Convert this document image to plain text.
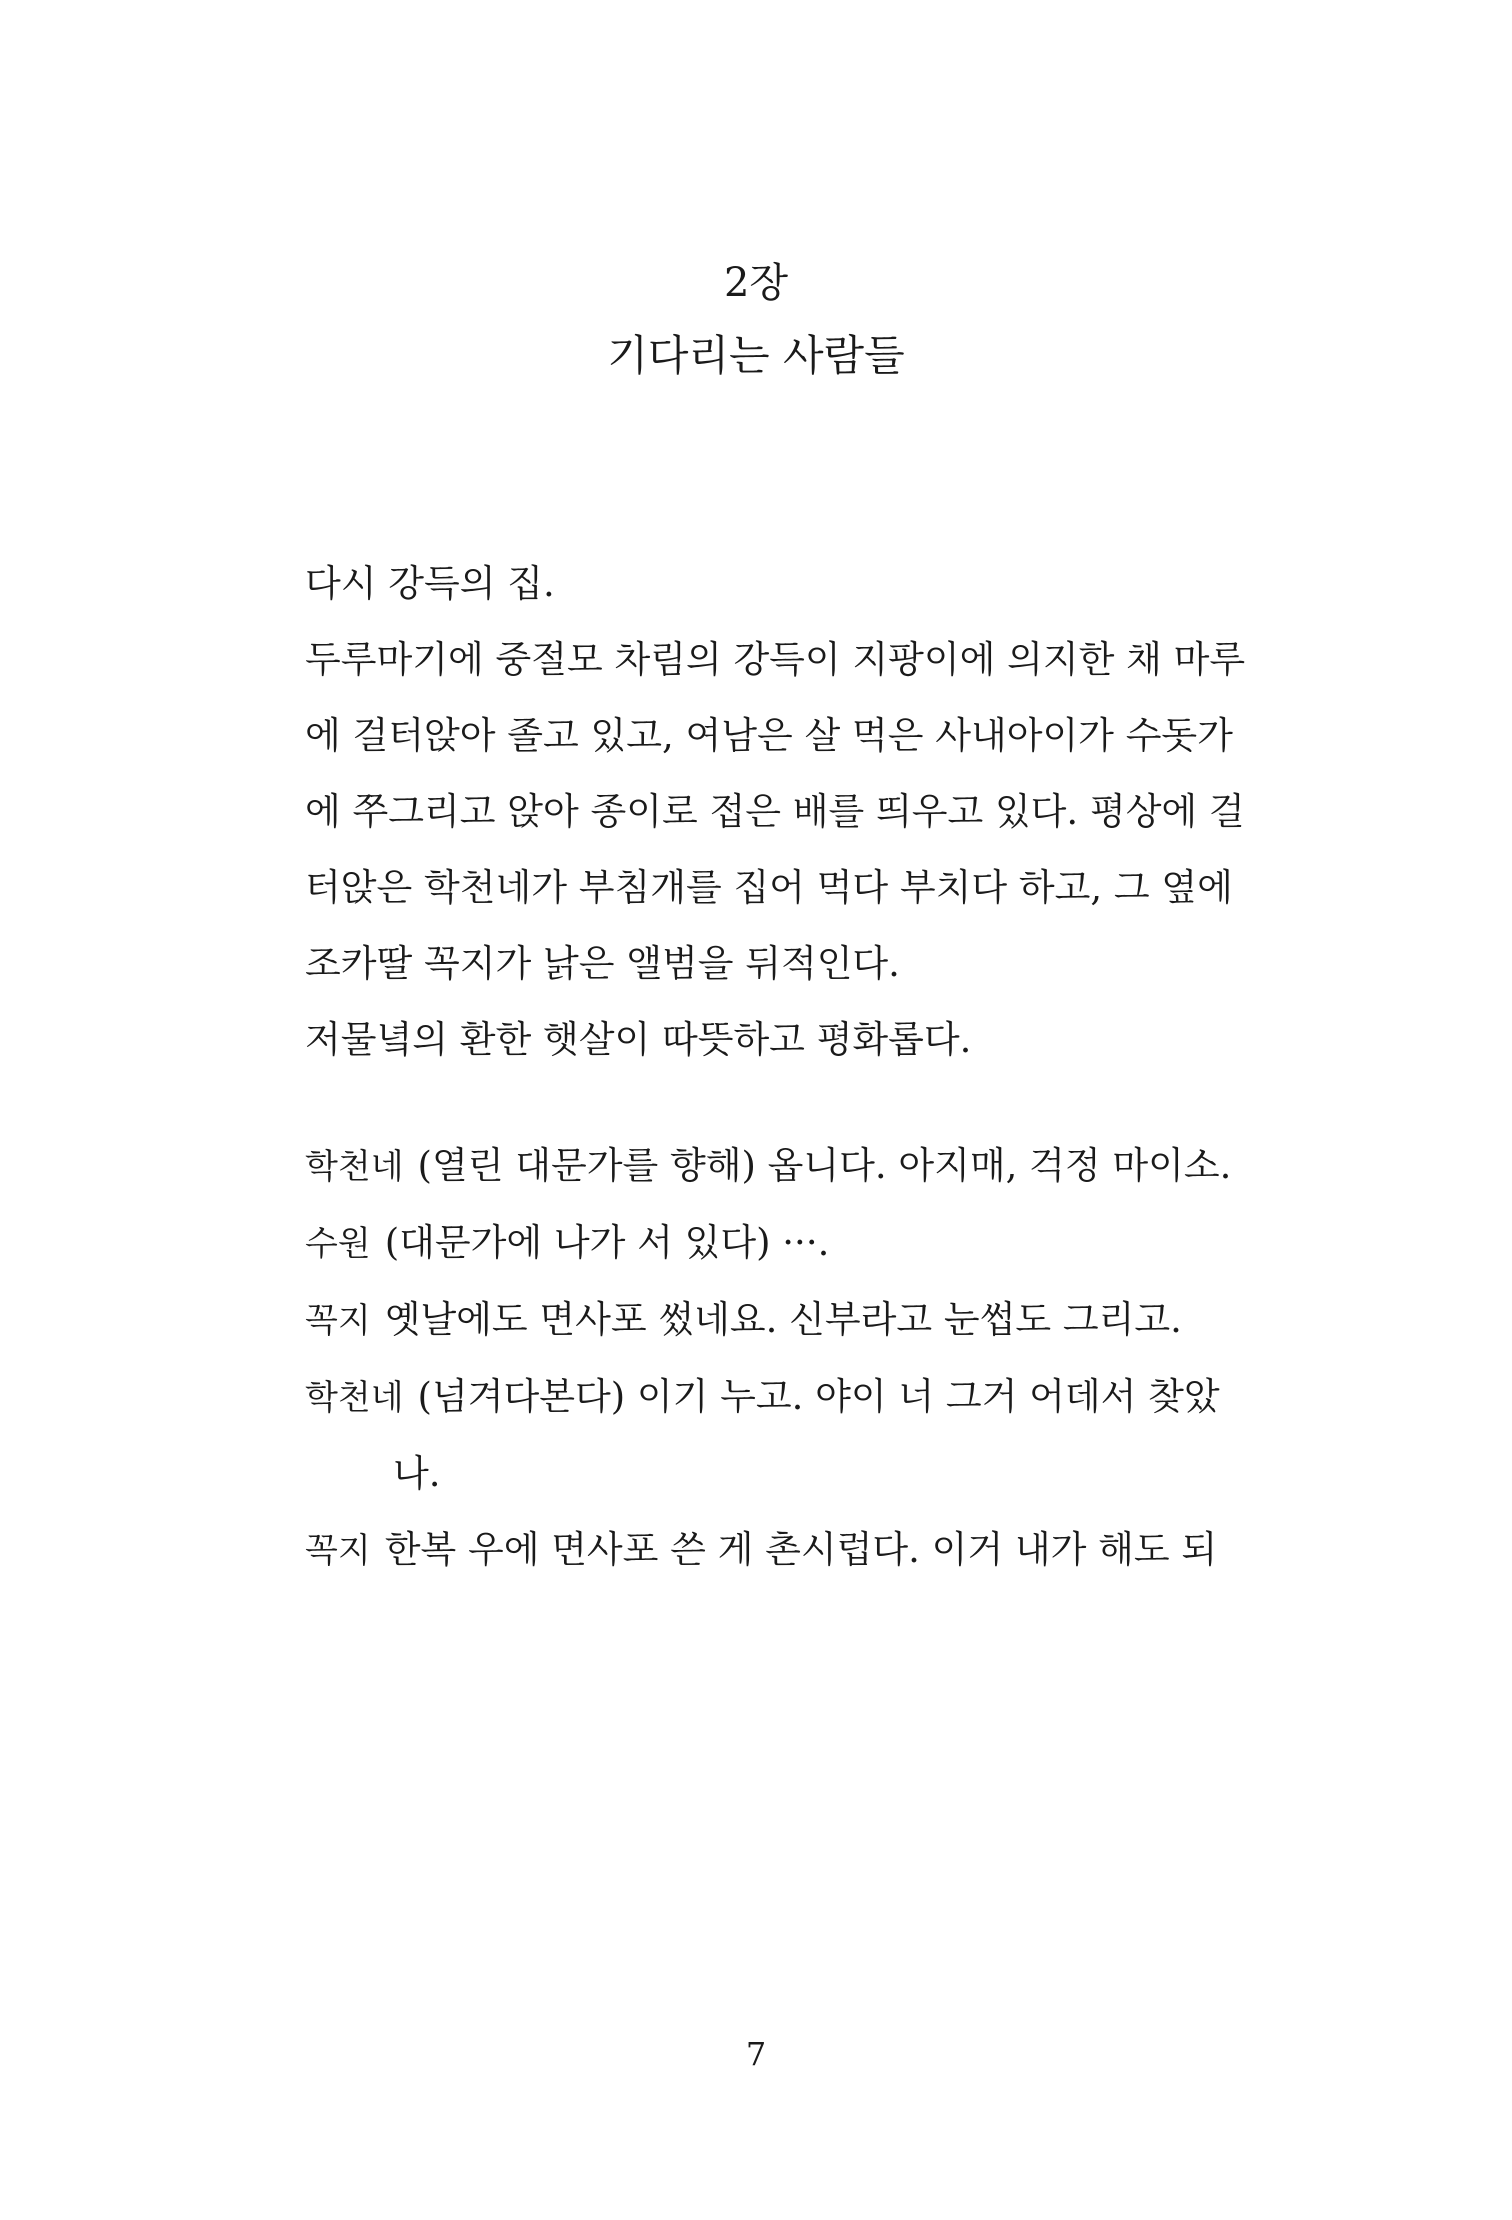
2장
기다리는 사람들
다시 강득의 집.
두루마기에 중절모 차림의 강득이 지팡이에 의지한 채 마루
에 걸터앉아 졸고 있고, 여남은 살 먹은 사내아이가 수돗가
에 쭈그리고 앉아 종이로 접은 배를 띄우고 있다. 평상에 걸
터앉은 학천네가 부침개를 집어 먹다 부치다 하고, 그 옆에
조카딸 꼭지가 낡은 앨범을 뒤적인다.
저물녘의 환한 햇살이 따뜻하고 평화롭다.
학천네 (열린 대문가를 향해) 옵니다. 아지매, 걱정 마이소.
수원 (대문가에 나가 서 있다) ···.
꼭지 옛날에도 면사포 썼네요. 신부라고 눈썹도 그리고.
학천네 (넘겨다본다) 이기 누고. 야이 너 그거 어데서 찾았
나.
꼭지 한복 우에 면사포 쓴 게 촌시럽다. 이거 내가 해도 되
7
